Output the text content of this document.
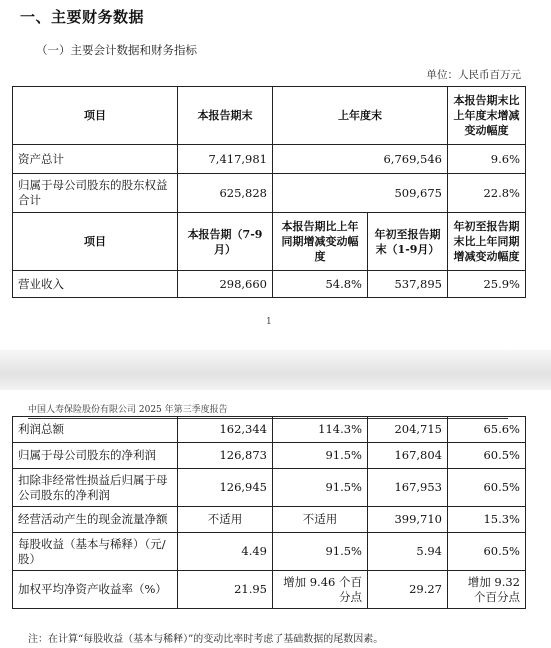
一、主要财务数据
（一）主要会计数据和财务指标
单位：人民币百万元
项目	本报告期末	上年度末		本报告期末比上年度末增减变动幅度
资产总计	7,417,981	6,769,546		9.6%
归属于母公司股东的股东权益合计	625,828	509,675		22.8%
项目	本报告期（7-9月）	本报告期比上年同期增减变动幅度	年初至报告期末（1-9月）	年初至报告期末比上年同期增减变动幅度
营业收入	298,660	54.8%	537,895	25.9%
1
中国人寿保险股份有限公司 2025 年第三季度报告
利润总额	162,344	114.3%	204,715	65.6%
归属于母公司股东的净利润	126,873	91.5%	167,804	60.5%
扣除非经常性损益后归属于母公司股东的净利润	126,945	91.5%	167,953	60.5%
经营活动产生的现金流量净额	不适用	不适用	399,710	15.3%
每股收益（基本与稀释）（元/股）	4.49	91.5%	5.94	60.5%
加权平均净资产收益率（%）	21.95	增加 9.46 个百分点	29.27	增加 9.32 个百分点
注：在计算“每股收益（基本与稀释）”的变动比率时考虑了基础数据的尾数因素。
